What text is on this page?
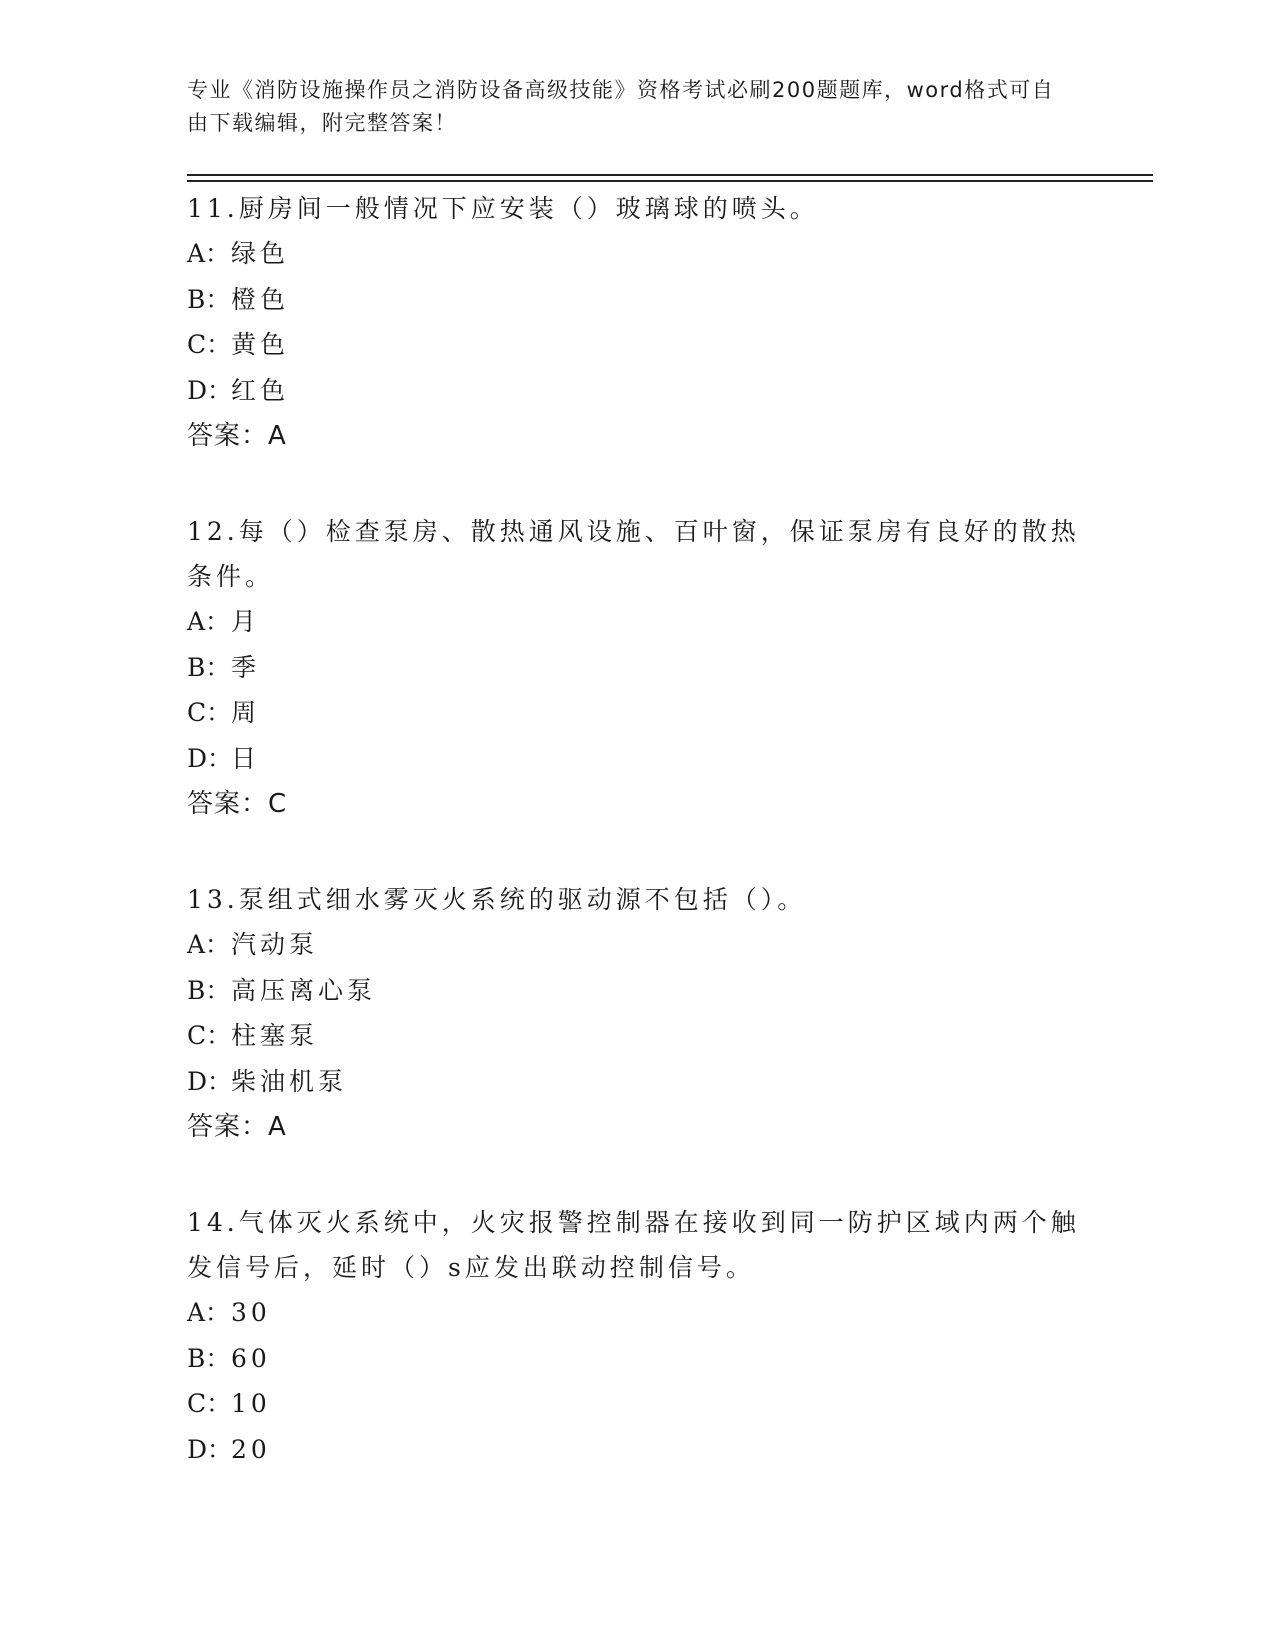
专业《消防设施操作员之消防设备高级技能》资格考试必刷200题题库，word格式可自由下载编辑，附完整答案！

11.厨房间一般情况下应安装（）玻璃球的喷头。

A：绿色

B：橙色

C：黄色

D：红色

答案：A

12.每（）检查泵房、散热通风设施、百叶窗，保证泵房有良好的散热条件。

A：月

B：季

C：周

D：日

答案：C

13.泵组式细水雾灭火系统的驱动源不包括（）。

A：汽动泵

B：高压离心泵

C：柱塞泵

D：柴油机泵

答案：A

14.气体灭火系统中，火灾报警控制器在接收到同一防护区域内两个触发信号后，延时（）s应发出联动控制信号。

A：30

B：60

C：10

D：20
